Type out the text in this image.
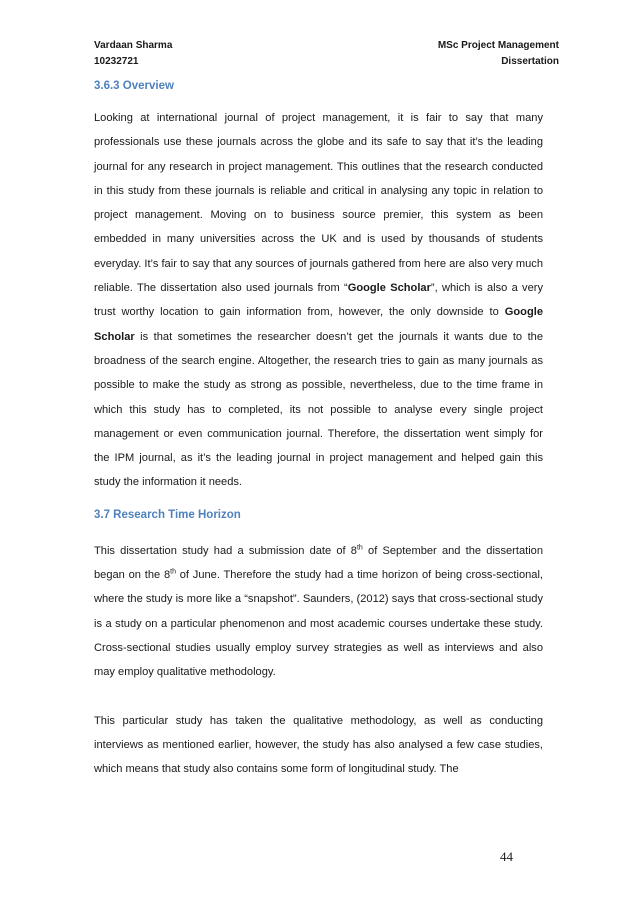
Vardaan Sharma
10232721
MSc Project Management
Dissertation
3.6.3 Overview

Looking at international journal of project management, it is fair to say that many professionals use these journals across the globe and its safe to say that it’s the leading journal for any research in project management. This outlines that the research conducted in this study from these journals is reliable and critical in analysing any topic in relation to project management. Moving on to business source premier, this system as been embedded in many universities across the UK and is used by thousands of students everyday. It’s fair to say that any sources of journals gathered from here are also very much reliable. The dissertation also used journals from “Google Scholar”, which is also a very trust worthy location to gain information from, however, the only downside to Google Scholar is that sometimes the researcher doesn’t get the journals it wants due to the broadness of the search engine. Altogether, the research tries to gain as many journals as possible to make the study as strong as possible, nevertheless, due to the time frame in which this study has to completed, its not possible to analyse every single project management or even communication journal. Therefore, the dissertation went simply for the IPM journal, as it’s the leading journal in project management and helped gain this study the information it needs.

3.7 Research Time Horizon

This dissertation study had a submission date of 8th of September and the dissertation began on the 8th of June. Therefore the study had a time horizon of being cross-sectional, where the study is more like a “snapshot”. Saunders, (2012) says that cross-sectional study is a study on a particular phenomenon and most academic courses undertake these study. Cross-sectional studies usually employ survey strategies as well as interviews and also may employ qualitative methodology.

This particular study has taken the qualitative methodology, as well as conducting interviews as mentioned earlier, however, the study has also analysed a few case studies, which means that study also contains some form of longitudinal study. The

44
